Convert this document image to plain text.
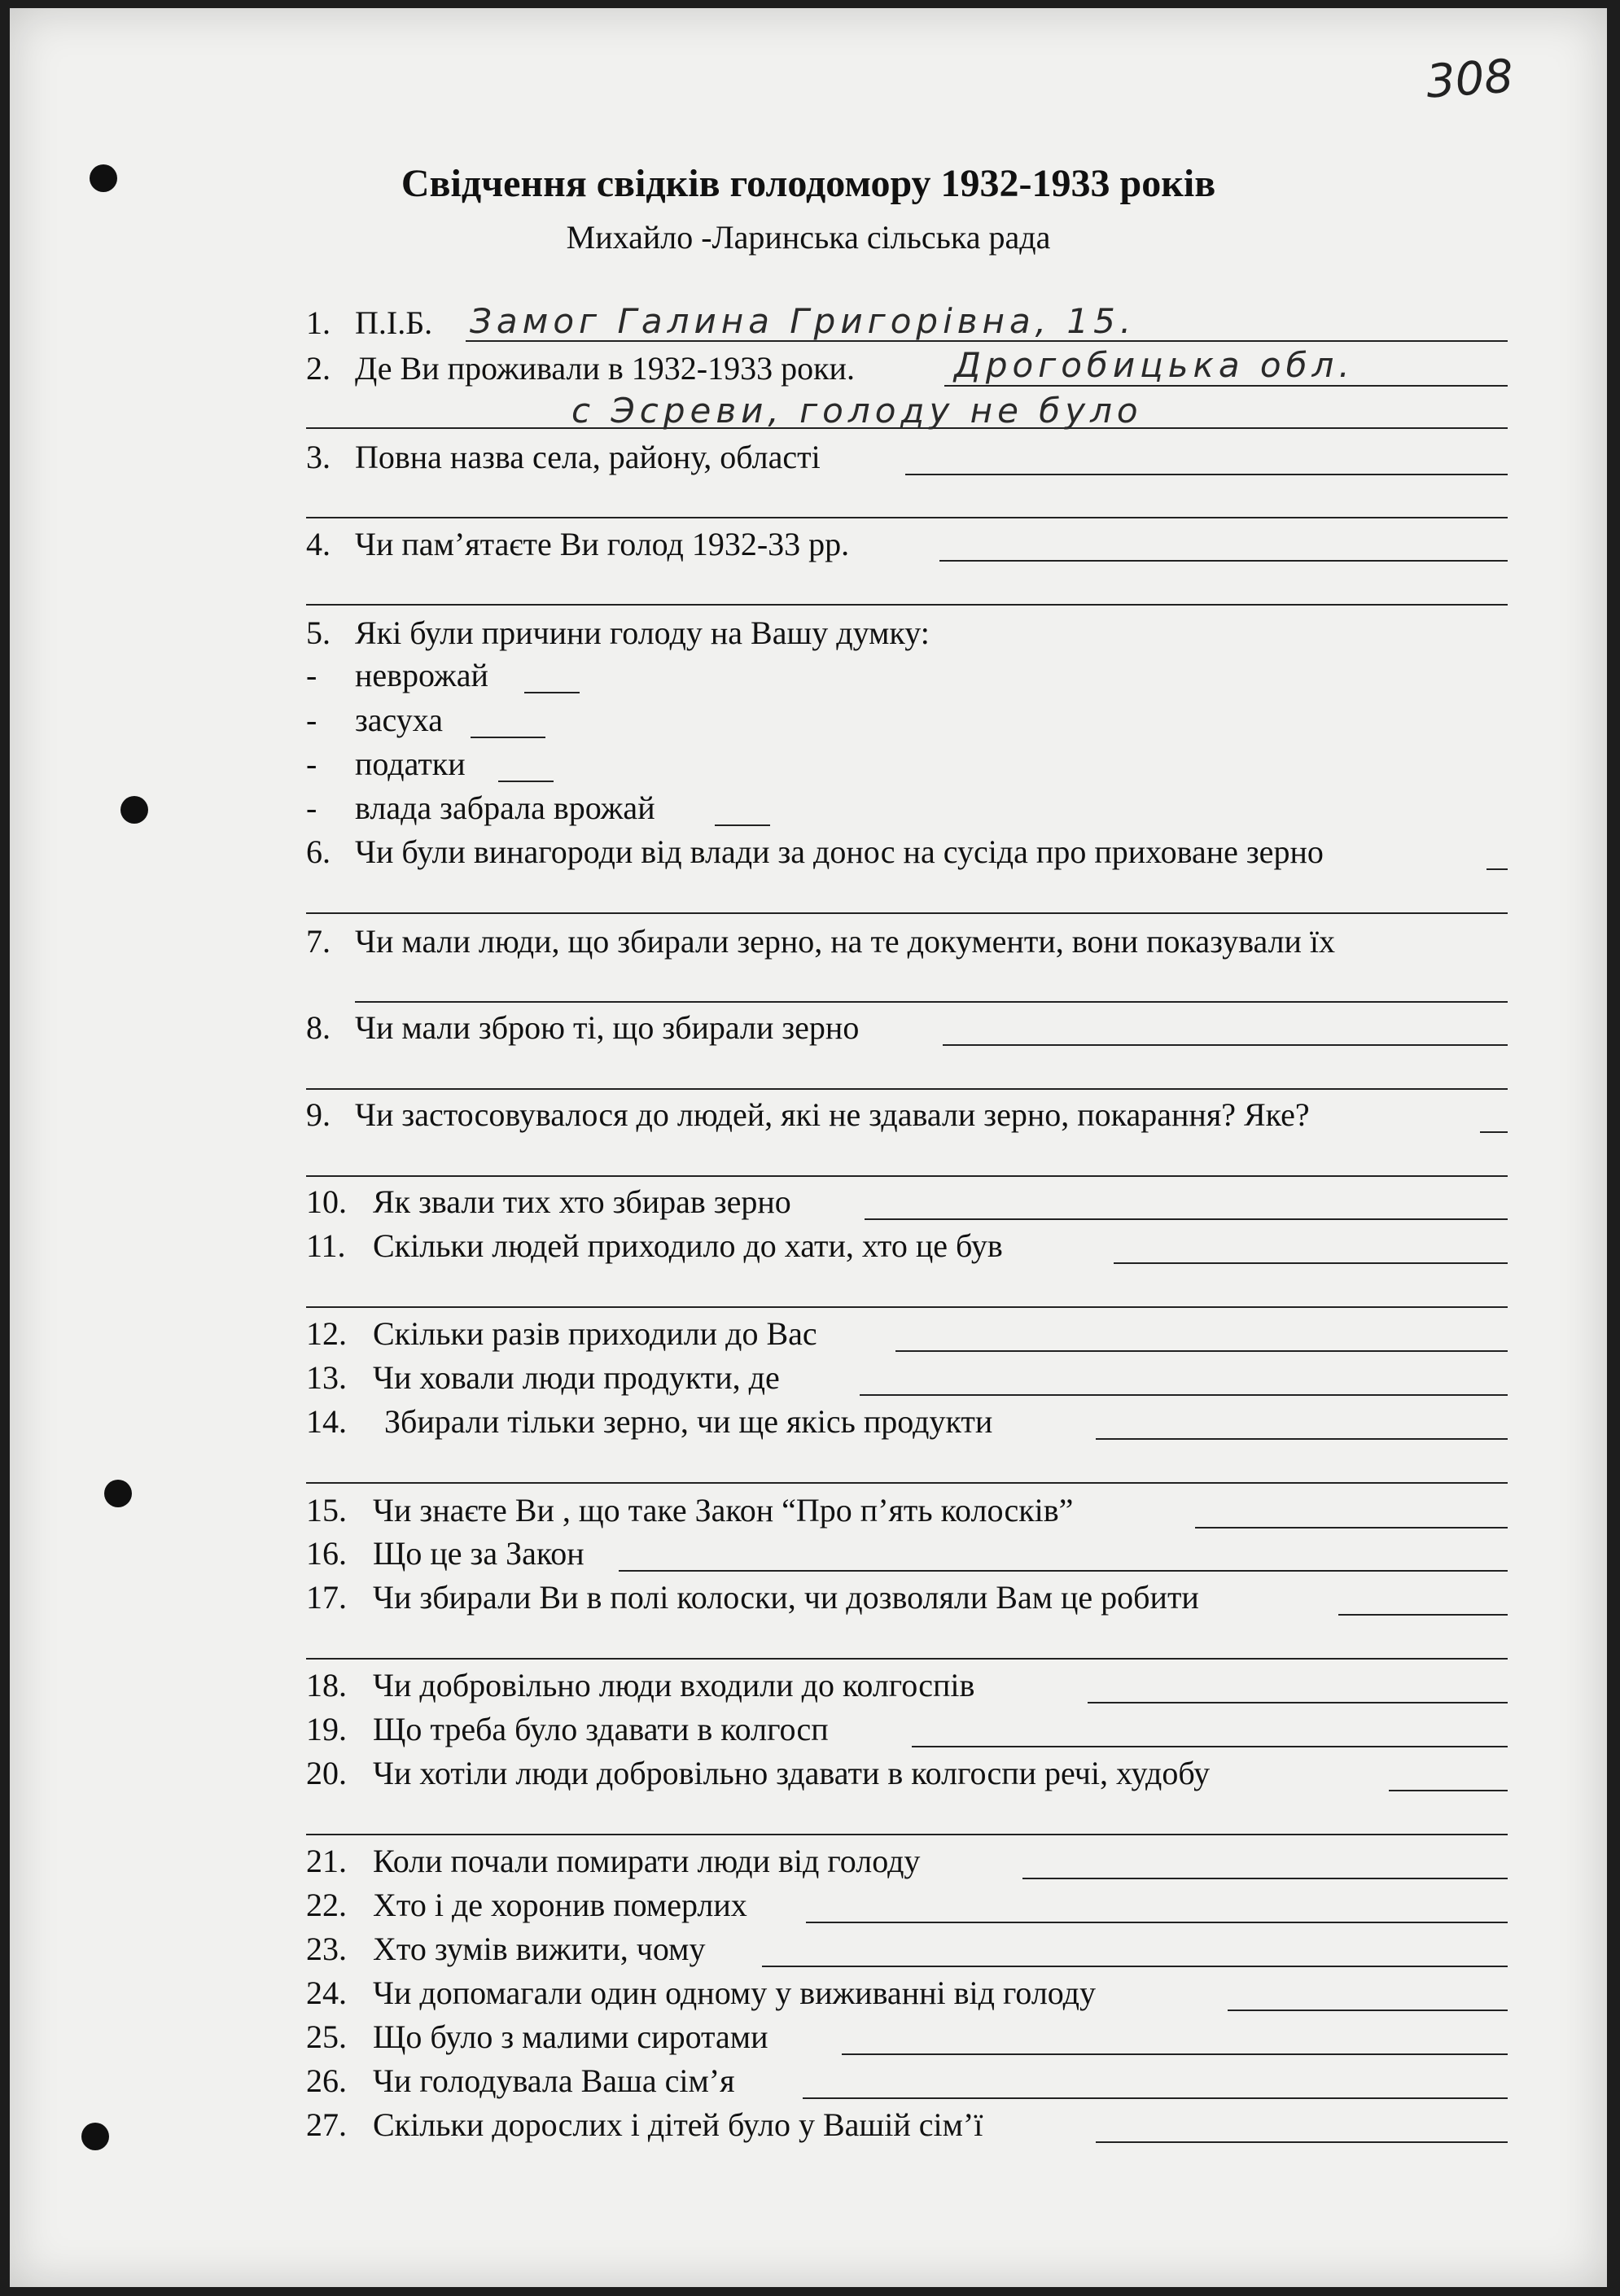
308
Свідчення свідків голодомору 1932-1933 років
Михайло -Ларинська сільська рада
1. П.І.Б. Замог Галина Григорівна, 15.
2. Де Ви проживали в 1932-1933 роки.	Дрогобицька обл.
с Эсреви, голоду не було
3. Повна назва села, району, області
4. Чи пам’ятаєте Ви голод 1932-33 рр.
5. Які були причини голоду на Вашу думку:
- неврожай
- засуха
- податки
- влада забрала врожай
6. Чи були винагороди від влади за донос на сусіда про приховане зерно
7. Чи мали люди, що збирали зерно, на те документи, вони показували їх
8. Чи мали зброю ті, що збирали зерно
9. Чи застосовувалося до людей, які не здавали зерно, покарання? Яке?
10. Як звали тих хто збирав зерно
11. Скільки людей приходило до хати, хто це був
12. Скільки разів приходили до Вас
13. Чи ховали люди продукти, де
14. Збирали тільки зерно, чи ще якісь продукти
15. Чи знаєте Ви , що таке Закон “Про п’ять колосків”
16. Що це за Закон
17. Чи збирали Ви в полі колоски, чи дозволяли Вам це робити
18. Чи добровільно люди входили до колгоспів
19. Що треба було здавати в колгосп
20. Чи хотіли люди добровільно здавати в колгоспи речі, худобу
21. Коли почали помирати люди від голоду
22. Хто і де хоронив померлих
23. Хто зумів вижити, чому
24. Чи допомагали один одному у виживанні від голоду
25. Що було з малими сиротами
26. Чи голодувала Ваша сім’я
27. Скільки дорослих і дітей було у Вашій сім’ї
